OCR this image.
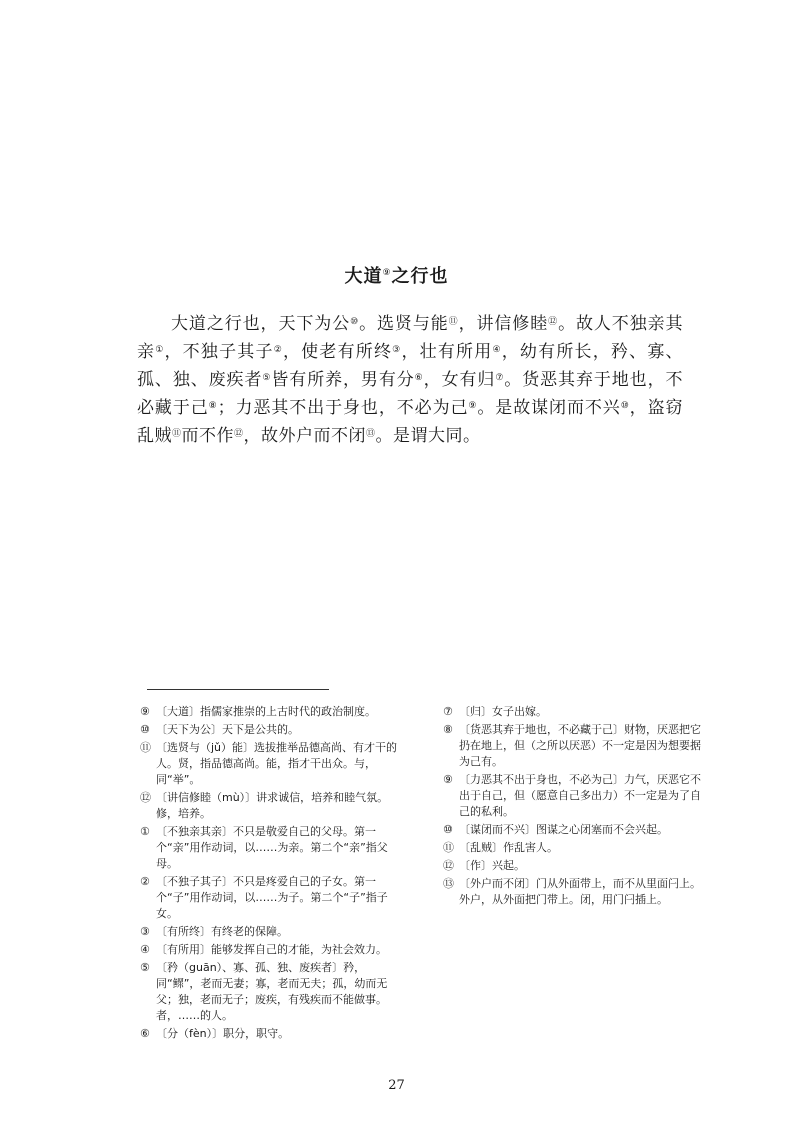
大道⑨之行也
大道之行也，天下为公⑩。选贤与能⑪，讲信修睦⑫。故人不独亲其亲①，不独子其子②，使老有所终③，壮有所用④，幼有所长，矜、寡、孤、独、废疾者⑤皆有所养，男有分⑥，女有归⑦。货恶其弃于地也，不必藏于己⑧；力恶其不出于身也，不必为己⑨。是故谋闭而不兴⑩，盗窃乱贼⑪而不作⑫，故外户而不闭⑬。是谓大同。
⑨ 〔大道〕指儒家推崇的上古时代的政治制度。
⑩ 〔天下为公〕天下是公共的。
⑪ 〔选贤与（jǔ）能〕选拔推举品德高尚、有才干的人。贤，指品德高尚。能，指才干出众。与，同“举”。
⑫ 〔讲信修睦（mù）〕讲求诚信，培养和睦气氛。修，培养。
① 〔不独亲其亲〕不只是敬爱自己的父母。第一个“亲”用作动词，以……为亲。第二个“亲”指父母。
② 〔不独子其子〕不只是疼爱自己的子女。第一个“子”用作动词，以……为子。第二个“子”指子女。
③ 〔有所终〕有终老的保障。
④ 〔有所用〕能够发挥自己的才能，为社会效力。
⑤ 〔矜（guān）、寡、孤、独、废疾者〕矜，同“鳏”，老而无妻；寡，老而无夫；孤，幼而无父；独，老而无子；废疾，有残疾而不能做事。者，……的人。
⑥ 〔分（fèn）〕职分，职守。
⑦ 〔归〕女子出嫁。
⑧ 〔货恶其弃于地也，不必藏于己〕财物，厌恶把它扔在地上，但（之所以厌恶）不一定是因为想要据为己有。
⑨ 〔力恶其不出于身也，不必为己〕力气，厌恶它不出于自己，但（愿意自己多出力）不一定是为了自己的私利。
⑩ 〔谋闭而不兴〕图谋之心闭塞而不会兴起。
⑪ 〔乱贼〕作乱害人。
⑫ 〔作〕兴起。
⑬ 〔外户而不闭〕门从外面带上，而不从里面闩上。外户，从外面把门带上。闭，用门闩插上。
27
